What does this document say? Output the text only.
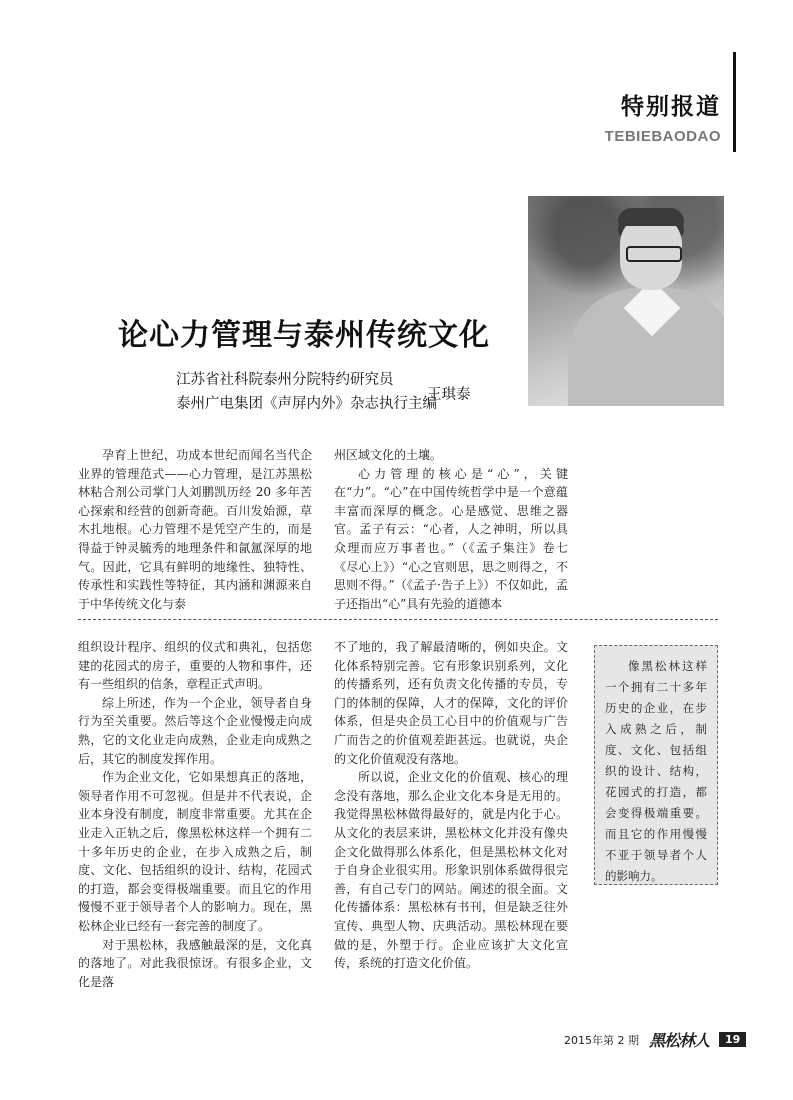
特别报道
TEBIEBAODAO
论心力管理与泰州传统文化
江苏省社科院泰州分院特约研究员
泰州广电集团《声屏内外》杂志执行主编
王琪泰

孕育上世纪，功成本世纪而闻名当代企业界的管理范式——心力管理，是江苏黑松林粘合剂公司掌门人刘鹏凯历经 20 多年苦心探索和经营的创新奇葩。百川发始源，草木扎地根。心力管理不是凭空产生的，而是得益于钟灵毓秀的地理条件和氤氲深厚的地气。因此，它具有鲜明的地缘性、独特性、传承性和实践性等特征，其内涵和渊源来自于中华传统文化与泰

州区域文化的土壤。

心力管理的核心是“心”，关键在“力”。“心”在中国传统哲学中是一个意蕴丰富而深厚的概念。心是感觉、思维之器官。孟子有云：“心者，人之神明，所以具众理而应万事者也。”（《孟子集注》卷七《尽心上》）“心之官则思，思之则得之，不思则不得。”（《孟子·告子上》）不仅如此，孟子还指出“心”具有先验的道德本

组织设计程序、组织的仪式和典礼，包括您建的花园式的房子，重要的人物和事件，还有一些组织的信条，章程正式声明。

综上所述，作为一个企业，领导者自身行为至关重要。然后等这个企业慢慢走向成熟，它的文化业走向成熟，企业走向成熟之后，其它的制度发挥作用。

作为企业文化，它如果想真正的落地，领导者作用不可忽视。但是并不代表说，企业本身没有制度，制度非常重要。尤其在企业走入正轨之后，像黑松林这样一个拥有二十多年历史的企业，在步入成熟之后，制度、文化、包括组织的设计、结构，花园式的打造，都会变得极端重要。而且它的作用慢慢不亚于领导者个人的影响力。现在，黑松林企业已经有一套完善的制度了。

对于黑松林，我感触最深的是，文化真的落地了。对此我很惊讶。有很多企业，文化是落

不了地的，我了解最清晰的，例如央企。文化体系特别完善。它有形象识别系列，文化的传播系列，还有负责文化传播的专员，专门的体制的保障，人才的保障，文化的评价体系，但是央企员工心目中的价值观与广告广而告之的价值观差距甚远。也就说，央企的文化价值观没有落地。

所以说，企业文化的价值观、核心的理念没有落地，那么企业文化本身是无用的。我觉得黑松林做得最好的，就是内化于心。从文化的表层来讲，黑松林文化并没有像央企文化做得那么体系化，但是黑松林文化对于自身企业很实用。形象识别体系做得很完善，有自己专门的网站。阐述的很全面。文化传播体系：黑松林有书刊，但是缺乏往外宣传、典型人物、庆典活动。黑松林现在要做的是，外塑于行。企业应该扩大文化宣传，系统的打造文化价值。

像黑松林这样一个拥有二十多年历史的企业，在步入成熟之后，制度、文化、包括组织的设计、结构，花园式的打造，都会变得极端重要。而且它的作用慢慢不亚于领导者个人的影响力。
2015年第 2 期 黑松林人	19
